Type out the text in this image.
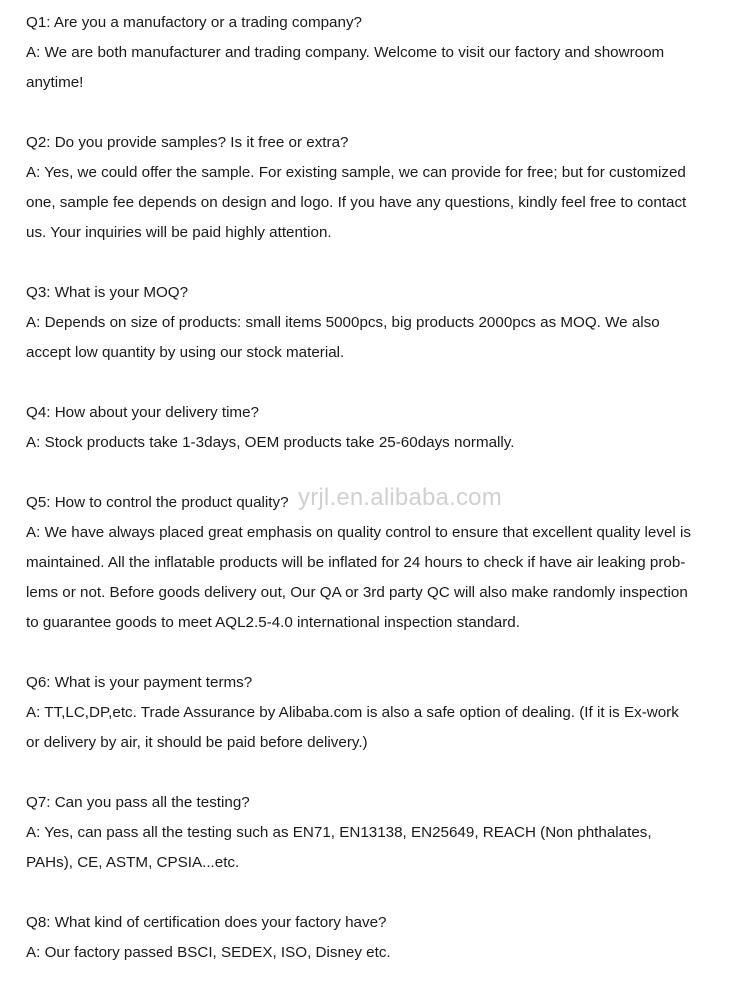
Q1: Are you a manufactory or a trading company?

A: We are both manufacturer and trading company. Welcome to visit our factory and showroom

anytime!

Q2: Do you provide samples? Is it free or extra?

A: Yes, we could offer the sample. For existing sample, we can provide for free; but for customized

one, sample fee depends on design and logo. If you have any questions, kindly feel free to contact

us. Your inquiries will be paid highly attention.

Q3: What is your MOQ?

A: Depends on size of products: small items 5000pcs, big products 2000pcs as MOQ. We also

accept low quantity by using our stock material.

Q4: How about your delivery time?

A: Stock products take 1-3days, OEM products take 25-60days normally.

Q5: How to control the product quality?

A: We have always placed great emphasis on quality control to ensure that excellent quality level is

maintained. All the inflatable products will be inflated for 24 hours to check if have air leaking prob-

lems or not. Before goods delivery out, Our QA or 3rd party QC will also make randomly inspection

to guarantee goods to meet AQL2.5-4.0 international inspection standard.

Q6: What is your payment terms?

A: TT,LC,DP,etc. Trade Assurance by Alibaba.com is also a safe option of dealing. (If it is Ex-work

or delivery by air, it should be paid before delivery.)

Q7: Can you pass all the testing?

A: Yes, can pass all the testing such as EN71, EN13138, EN25649, REACH (Non phthalates,

PAHs), CE, ASTM, CPSIA...etc.

Q8: What kind of certification does your factory have?

A: Our factory passed BSCI, SEDEX, ISO, Disney etc.

yrjl.en.alibaba.com
